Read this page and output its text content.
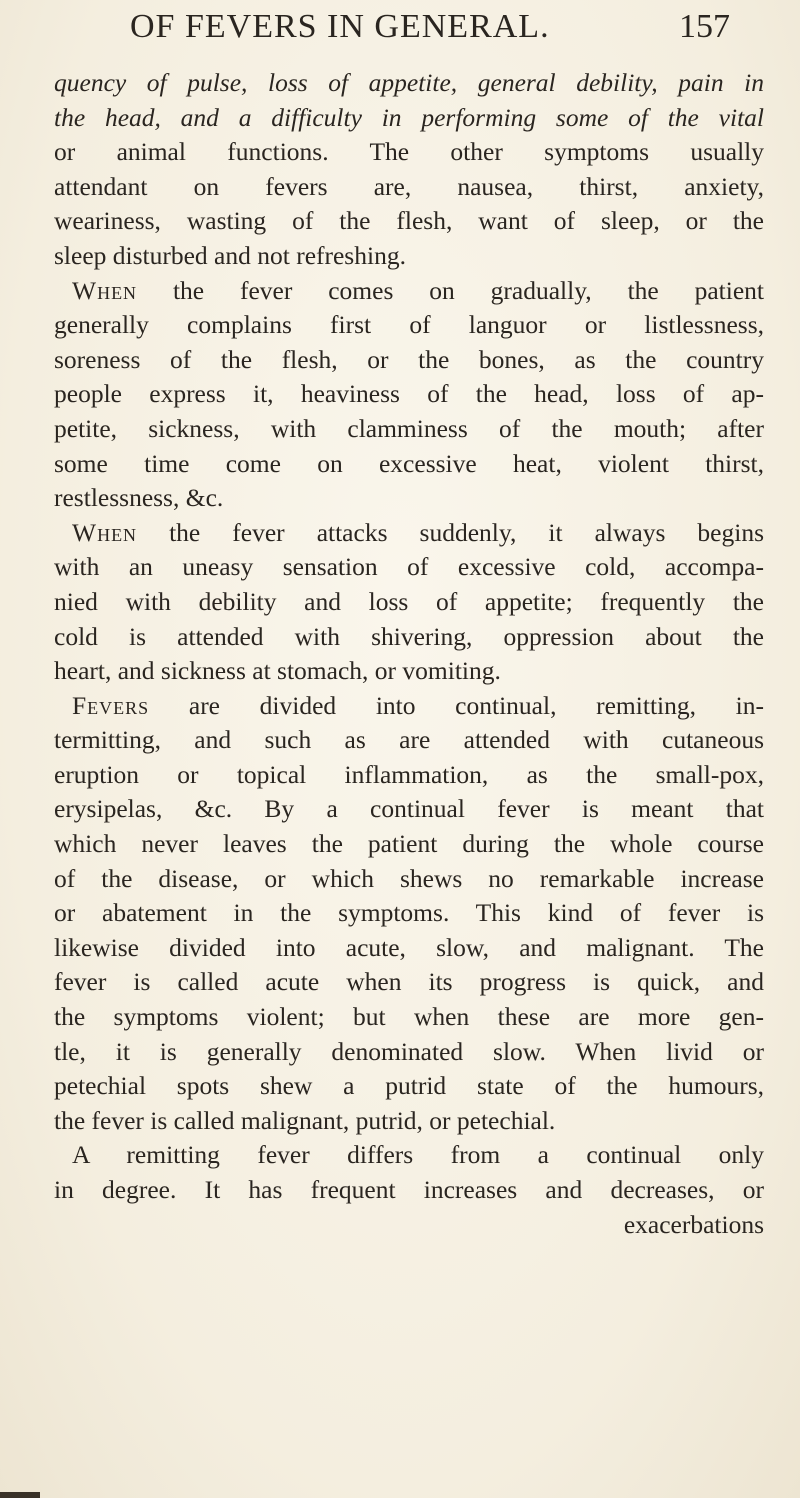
OF FEVERS IN GENERAL.	157
quency of pulse, loss of appetite, general debility, pain in
the head, and a difficulty in performing some of the vital
or animal functions. The other symptoms usually
attendant on fevers are, nausea, thirst, anxiety,
weariness, wasting of the flesh, want of sleep, or the
sleep disturbed and not refreshing.
When the fever comes on gradually, the patient
generally complains first of languor or listlessness,
soreness of the flesh, or the bones, as the country
people express it, heaviness of the head, loss of ap-
petite, sickness, with clamminess of the mouth; after
some time come on excessive heat, violent thirst,
restlessness, &c.
When the fever attacks suddenly, it always begins
with an uneasy sensation of excessive cold, accompa-
nied with debility and loss of appetite; frequently the
cold is attended with shivering, oppression about the
heart, and sickness at stomach, or vomiting.
Fevers are divided into continual, remitting, in-
termitting, and such as are attended with cutaneous
eruption or topical inflammation, as the small-pox,
erysipelas, &c. By a continual fever is meant that
which never leaves the patient during the whole course
of the disease, or which shews no remarkable increase
or abatement in the symptoms. This kind of fever is
likewise divided into acute, slow, and malignant. The
fever is called acute when its progress is quick, and
the symptoms violent; but when these are more gen-
tle, it is generally denominated slow. When livid or
petechial spots shew a putrid state of the humours,
the fever is called malignant, putrid, or petechial.
A remitting fever differs from a continual only
in degree. It has frequent increases and decreases, or
exacerbations
